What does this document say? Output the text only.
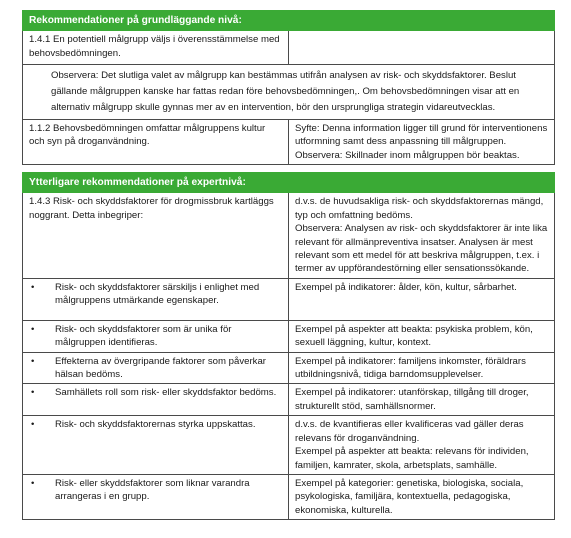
Rekommendationer på grundläggande nivå:	
1.4.1 En potentiell målgrupp väljs i överensstämmelse med behovsbedömningen.	
Observera: Det slutliga valet av målgrupp kan bestämmas utifrån analysen av risk- och skyddsfaktorer. Beslut gällande målgruppen kanske har fattas redan före behovsbedömningen,. Om behovsbedömningen visar att en alternativ målgrupp skulle gynnas mer av en intervention, bör den ursprungliga strategin vidareutvecklas.	
1.1.2 Behovsbedömningen omfattar målgruppens kultur och syn på droganvändning.	Syfte: Denna information ligger till grund för interventionens utformning samt dess anpassning till målgruppen.
Observera: Skillnader inom målgruppen bör beaktas.
Ytterligare rekommendationer på expertnivå:	
1.4.3 Risk- och skyddsfaktorer för drogmissbruk kartläggs noggrant. Detta inbegriper:	d.v.s. de huvudsakliga risk- och skyddsfaktorernas mängd, typ och omfattning bedöms.
Observera: Analysen av risk- och skyddsfaktorer är inte lika relevant för allmänpreventiva insatser. Analysen är mest relevant som ett medel för att beskriva målgruppen, t.ex. i termer av uppförandestörning eller sensationssökande.

• Risk- och skyddsfaktorer särskiljs i enlighet med målgruppens utmärkande egenskaper.	Exempel på indikatorer: ålder, kön, kultur, sårbarhet.

• Risk- och skyddsfaktorer som är unika för målgruppen identifieras.	Exempel på aspekter att beakta: psykiska problem, kön, sexuell läggning, kultur, kontext.

• Effekterna av övergripande faktorer som påverkar hälsan bedöms.	Exempel på indikatorer: familjens inkomster, föräldrars utbildningsnivå, tidiga barndomsupplevelser.

• Samhällets roll som risk- eller skyddsfaktor bedöms.	Exempel på indikatorer: utanförskap, tillgång till droger, strukturellt stöd, samhällsnormer.

• Risk- och skyddsfaktorernas styrka uppskattas.	d.v.s. de kvantifieras eller kvalificeras vad gäller deras relevans för droganvändning.
Exempel på aspekter att beakta: relevans för individen, familjen, kamrater, skola, arbetsplats, samhälle.

• Risk- eller skyddsfaktorer som liknar varandra arrangeras i en grupp.	Exempel på kategorier: genetiska, biologiska, sociala, psykologiska, familjära, kontextuella, pedagogiska, ekonomiska, kulturella.
